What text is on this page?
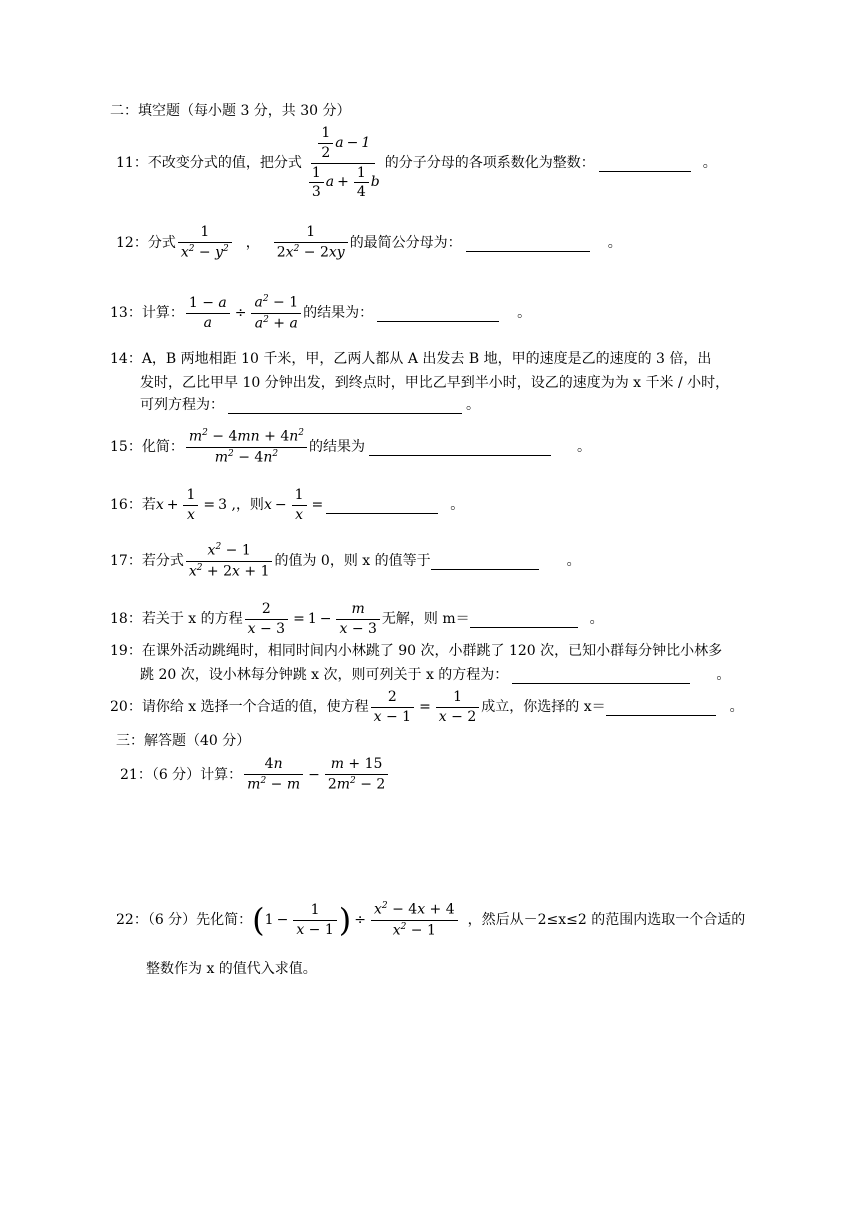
二：填空题（每小题 3 分，共 30 分）
11：不改变分式的值，把分式 $\frac{\frac{1}{2} a - 1}{\frac{1}{3} a + \frac{1}{4} b}$ 的分子分母的各项系数化为整数：	。
12：分式 $\frac{1}{x^2 - y^2}$ ， $\frac{1}{2x^2 - 2xy}$ 的最简公分母为：	。
13：计算： $\frac{1 - a}{a} \div \frac{a^2 - 1}{a^2 + a}$ 的结果为：	。
14：A，B 两地相距 10 千米，甲，乙两人都从 A 出发去 B 地，甲的速度是乙的速度的 3 倍，出
发时，乙比甲早 10 分钟出发，到终点时，甲比乙早到半小时，设乙的速度为为 x 千米 / 小时，
可列方程为：	。
15：化简： $\frac{m^2 - 4mn + 4n^2}{m^2 - 4n^2}$ 的结果为	。
16：若 $x + \frac{1}{x} = 3$ , ，则 $x - \frac{1}{x}$ =	。
17：若分式 $\frac{x^2 - 1}{x^2 + 2x + 1}$ 的值为 0，则 x 的值等于	。
18：若关于 x 的方程 $\frac{2}{x - 3} = 1 - \frac{m}{x - 3}$ 无解，则 m＝	。
19：在课外活动跳绳时，相同时间内小林跳了 90 次，小群跳了 120 次，已知小群每分钟比小林多
跳 20 次，设小林每分钟跳 x 次，则可列关于 x 的方程为：	。
20：请你给 x 选择一个合适的值，使方程 $\frac{2}{x - 1} = \frac{1}{x - 2}$ 成立，你选择的 x＝	。
三：解答题（40 分）
21：（6 分）计算： $\frac{4n}{m^2 - m} - \frac{m + 15}{2m^2 - 2}$
22：（6 分）先化简： ( $1 - \frac{1}{x - 1}$ ) ÷ $\frac{x^2 - 4x + 4}{x^2 - 1}$ ，然后从－2≤x≤2 的范围内选取一个合适的
整数作为 x 的值代入求值。
